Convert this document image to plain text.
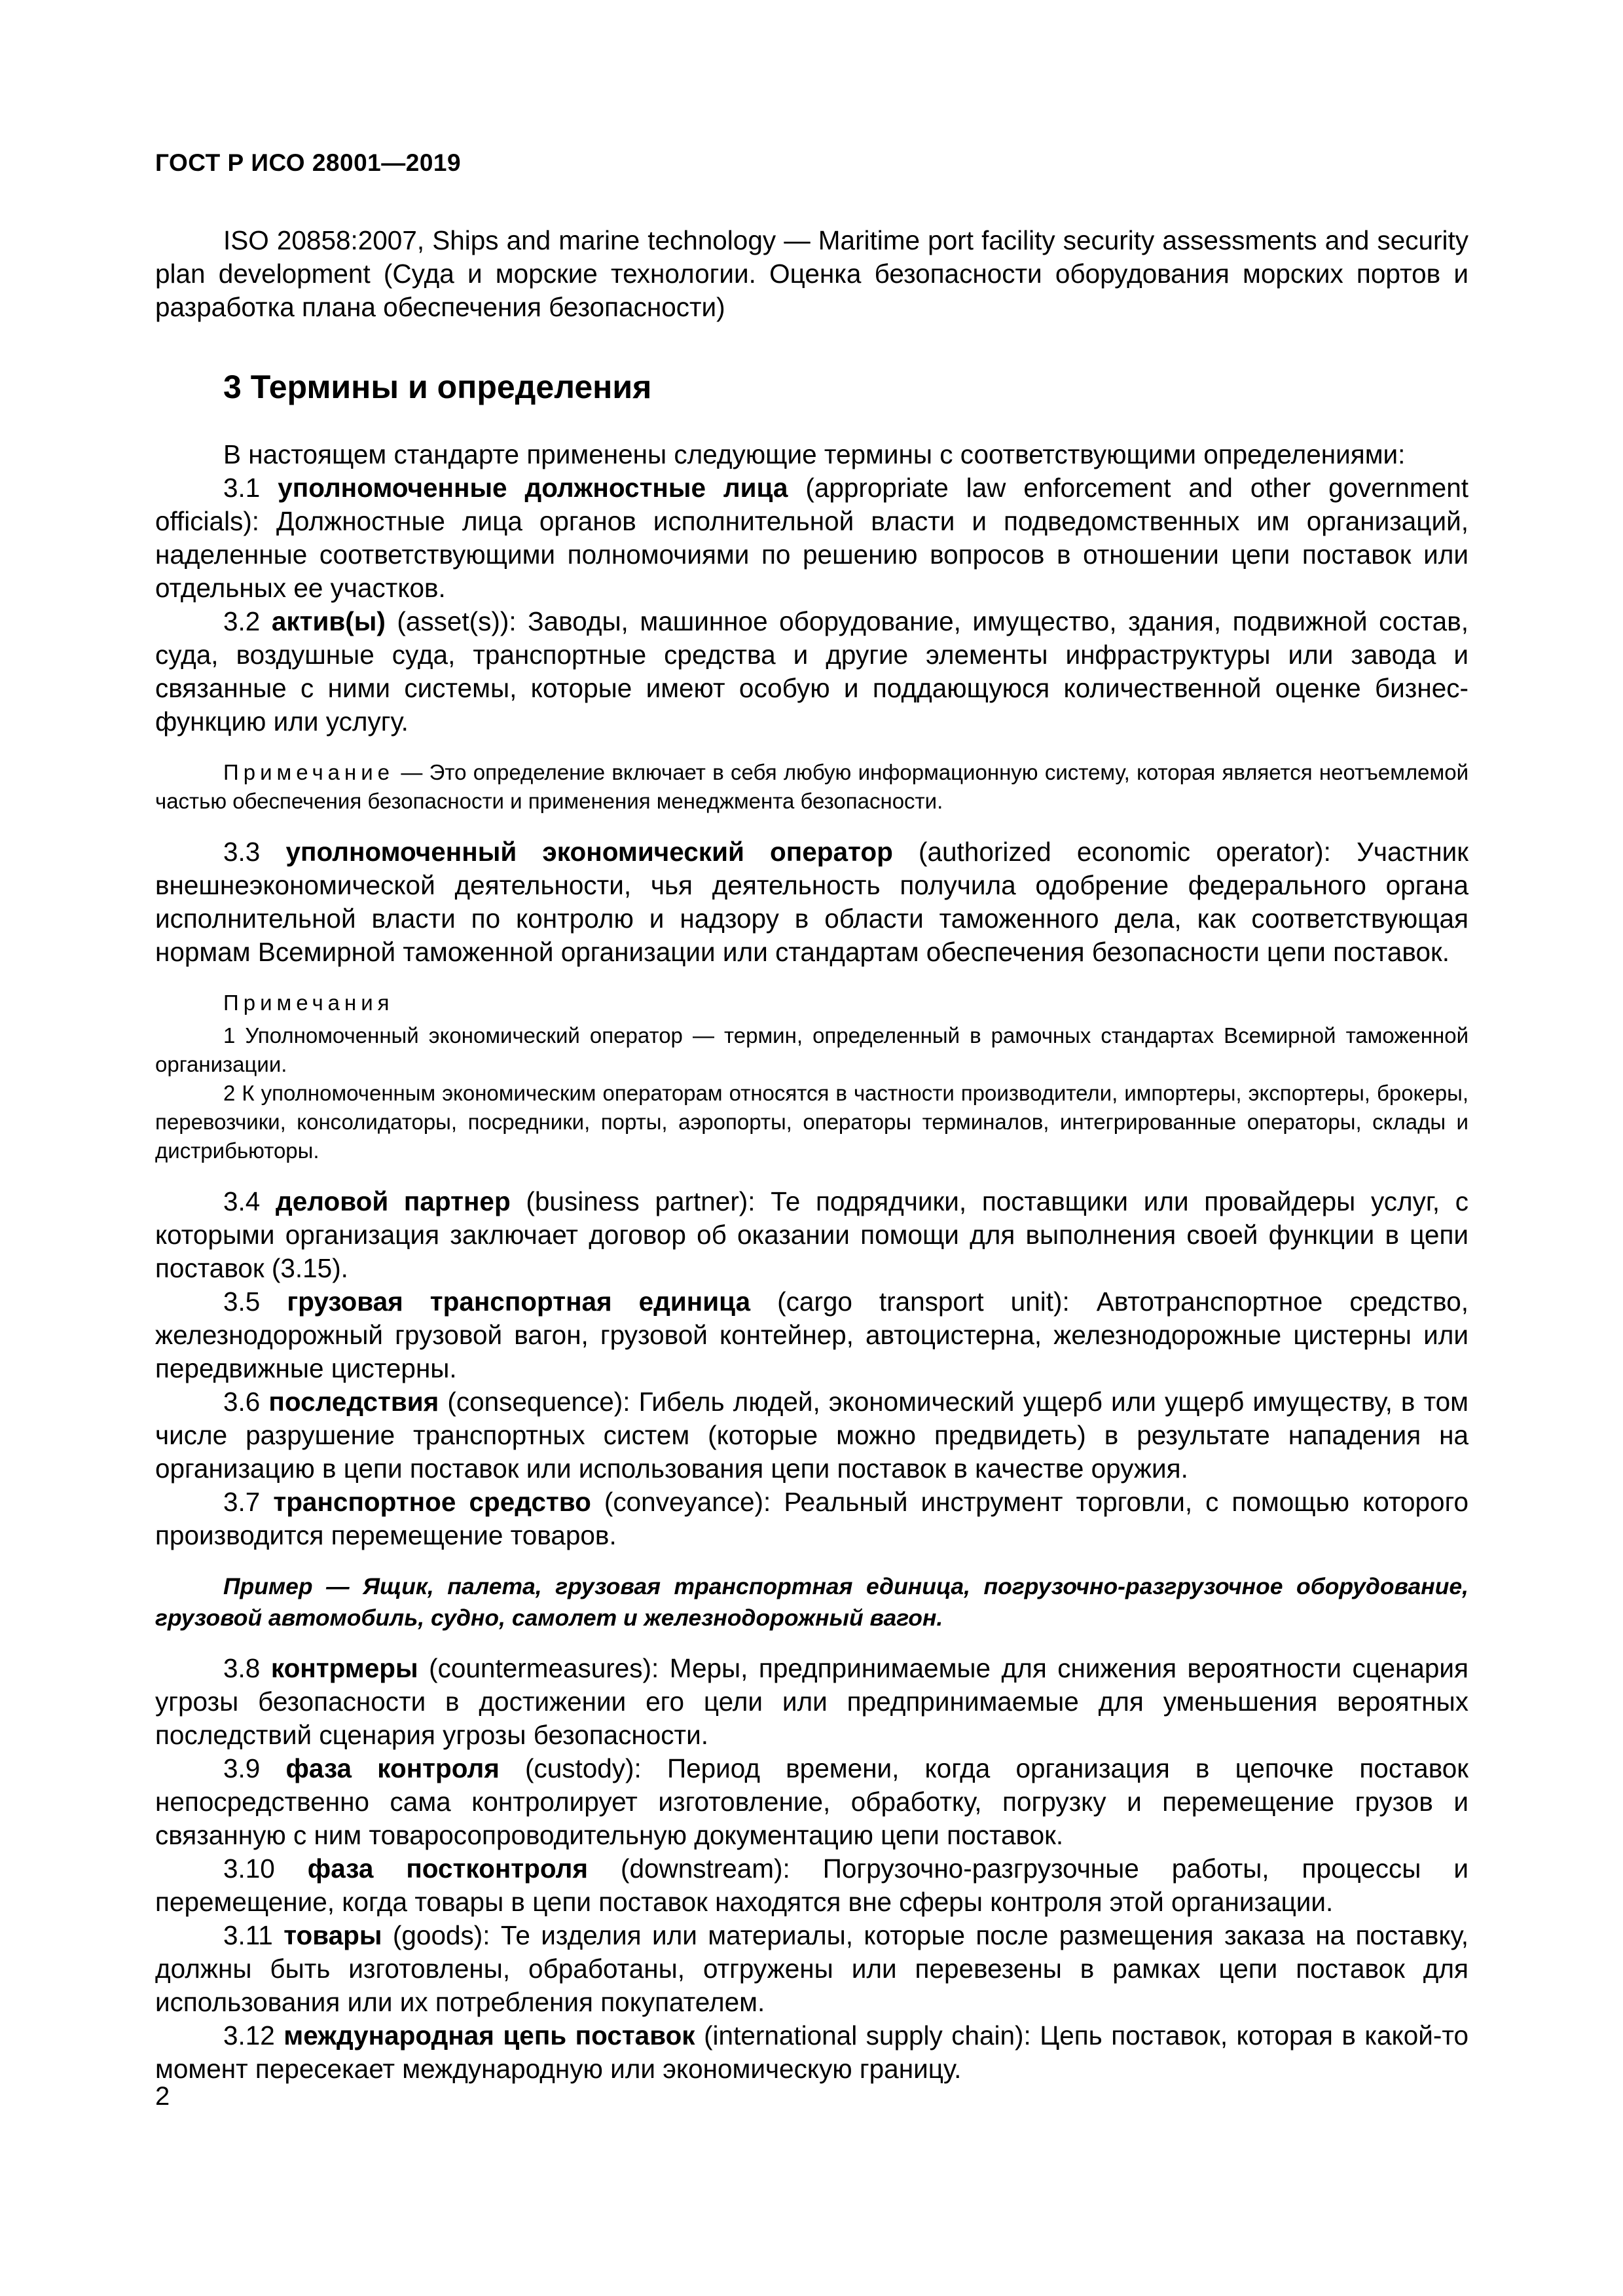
ГОСТ Р ИСО 28001—2019

ISO 20858:2007, Ships and marine technology — Maritime port facility security assessments and security plan development (Суда и морские технологии. Оценка безопасности оборудования морских портов и разработка плана обеспечения безопасности)

3 Термины и определения

В настоящем стандарте применены следующие термины с соответствующими определениями:

3.1 уполномоченные должностные лица (appropriate law enforcement and other government officials): Должностные лица органов исполнительной власти и подведомственных им организаций, наделенные соответствующими полномочиями по решению вопросов в отношении цепи поставок или отдельных ее участков.

3.2 актив(ы) (asset(s)): Заводы, машинное оборудование, имущество, здания, подвижной состав, суда, воздушные суда, транспортные средства и другие элементы инфраструктуры или завода и связанные с ними системы, которые имеют особую и поддающуюся количественной оценке бизнес-функцию или услугу.

Примечание — Это определение включает в себя любую информационную систему, которая является неотъемлемой частью обеспечения безопасности и применения менеджмента безопасности.

3.3 уполномоченный экономический оператор (authorized economic operator): Участник внешнеэкономической деятельности, чья деятельность получила одобрение федерального органа исполнительной власти по контролю и надзору в области таможенного дела, как соответствующая нормам Всемирной таможенной организации или стандартам обеспечения безопасности цепи поставок.

Примечания

1 Уполномоченный экономический оператор — термин, определенный в рамочных стандартах Всемирной таможенной организации.

2 К уполномоченным экономическим операторам относятся в частности производители, импортеры, экспортеры, брокеры, перевозчики, консолидаторы, посредники, порты, аэропорты, операторы терминалов, интегрированные операторы, склады и дистрибьюторы.

3.4 деловой партнер (business partner): Те подрядчики, поставщики или провайдеры услуг, с которыми организация заключает договор об оказании помощи для выполнения своей функции в цепи поставок (3.15).

3.5 грузовая транспортная единица (cargo transport unit): Автотранспортное средство, железнодорожный грузовой вагон, грузовой контейнер, автоцистерна, железнодорожные цистерны или передвижные цистерны.

3.6 последствия (consequence): Гибель людей, экономический ущерб или ущерб имуществу, в том числе разрушение транспортных систем (которые можно предвидеть) в результате нападения на организацию в цепи поставок или использования цепи поставок в качестве оружия.

3.7 транспортное средство (conveyance): Реальный инструмент торговли, с помощью которого производится перемещение товаров.

Пример — Ящик, палета, грузовая транспортная единица, погрузочно-разгрузочное оборудование, грузовой автомобиль, судно, самолет и железнодорожный вагон.

3.8 контрмеры (countermeasures): Меры, предпринимаемые для снижения вероятности сценария угрозы безопасности в достижении его цели или предпринимаемые для уменьшения вероятных последствий сценария угрозы безопасности.

3.9 фаза контроля (custody): Период времени, когда организация в цепочке поставок непосредственно сама контролирует изготовление, обработку, погрузку и перемещение грузов и связанную с ним товаросопроводительную документацию цепи поставок.

3.10 фаза постконтроля (downstream): Погрузочно-разгрузочные работы, процессы и перемещение, когда товары в цепи поставок находятся вне сферы контроля этой организации.

3.11 товары (goods): Те изделия или материалы, которые после размещения заказа на поставку, должны быть изготовлены, обработаны, отгружены или перевезены в рамках цепи поставок для использования или их потребления покупателем.

3.12 международная цепь поставок (international supply chain): Цепь поставок, которая в какой-то момент пересекает международную или экономическую границу.

2
